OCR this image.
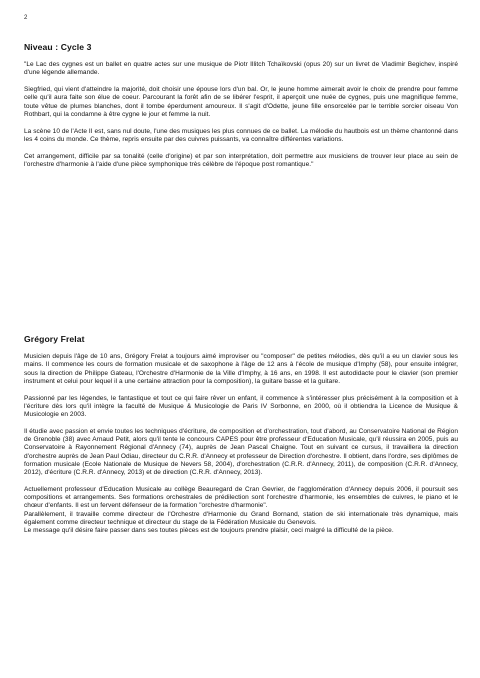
2
Niveau : Cycle 3

"Le Lac des cygnes est un ballet en quatre actes sur une musique de Piotr Illitch Tchaïkovski (opus 20) sur un livret de Vladimir Begichev, inspiré d'une légende allemande.

Siegfried, qui vient d'atteindre la majorité, doit choisir une épouse lors d'un bal. Or, le jeune homme aimerait avoir le choix de prendre pour femme celle qu'il aura faite son élue de coeur. Parcourant la forêt afin de se libérer l'esprit, il aperçoit une nuée de cygnes, puis une magnifique femme, toute vêtue de plumes blanches, dont il tombe éperdument amoureux. Il s'agit d'Odette, jeune fille ensorcelée par le terrible sorcier oiseau Von Rothbart, qui la condamne à être cygne le jour et femme la nuit.

La scène 10 de l'Acte II est, sans nul doute, l'une des musiques les plus connues de ce ballet. La mélodie du hautbois est un thème chantonné dans les 4 coins du monde. Ce thème, repris ensuite par des cuivres puissants, va connaître différentes variations.

Cet arrangement, difficile par sa tonalité (celle d'origine) et par son interprétation, doit permettre aux musiciens de trouver leur place au sein de l'orchestre d'harmonie à l'aide d'une pièce symphonique très célèbre de l'époque post romantique."

Grégory Frelat

Musicien depuis l'âge de 10 ans, Grégory Frelat a toujours aimé improviser ou "composer" de petites mélodies, dès qu'il a eu un clavier sous les mains. Il commence les cours de formation musicale et de saxophone à l'âge de 12 ans à l'école de musique d'Imphy (58), pour ensuite intégrer, sous la direction de Philippe Gateau, l'Orchestre d'Harmonie de la Ville d'Imphy, à 16 ans, en 1998. Il est autodidacte pour le clavier (son premier instrument et celui pour lequel il a une certaine attraction pour la composition), la guitare basse et la guitare.

Passionné par les légendes, le fantastique et tout ce qui faire rêver un enfant, il commence à s'intéresser plus précisément à la composition et à l'écriture dès lors qu'il intègre la faculté de Musique & Musicologie de Paris IV Sorbonne, en 2000, où il obtiendra la Licence de Musique & Musicologie en 2003.

Il étudie avec passion et envie toutes les techniques d'écriture, de composition et d'orchestration, tout d'abord, au Conservatoire National de Région de Grenoble (38) avec Arnaud Petit, alors qu'il tente le concours CAPES pour être professeur d'Education Musicale, qu'il réussira en 2005, puis au Conservatoire à Rayonnement Régional d'Annecy (74), auprès de Jean Pascal Chaigne. Tout en suivant ce cursus, il travaillera la direction d'orchestre auprès de Jean Paul Odiau, directeur du C.R.R. d'Annecy et professeur de Direction d'orchestre. Il obtient, dans l'ordre, ses diplômes de formation musicale (Ecole Nationale de Musique de Nevers 58, 2004), d'orchestration (C.R.R. d'Annecy, 2011), de composition (C.R.R. d'Annecy, 2012), d'écriture (C.R.R. d'Annecy, 2013) et de direction (C.R.R. d'Annecy, 2013).

Actuellement professeur d'Education Musicale au collège Beauregard de Cran Gevrier, de l'agglomération d'Annecy depuis 2006, il poursuit ses compositions et arrangements. Ses formations orchestrales de prédilection sont l'orchestre d'harmonie, les ensembles de cuivres, le piano et le chœur d'enfants. Il est un fervent défenseur de la formation "orchestre d'harmonie".

Parallèlement, il travaille comme directeur de l'Orchestre d'Harmonie du Grand Bornand, station de ski internationale très dynamique, mais également comme directeur technique et directeur du stage de la Fédération Musicale du Genevois.

Le message qu'il désire faire passer dans ses toutes pièces est de toujours prendre plaisir, ceci malgré la difficulté de la pièce.
